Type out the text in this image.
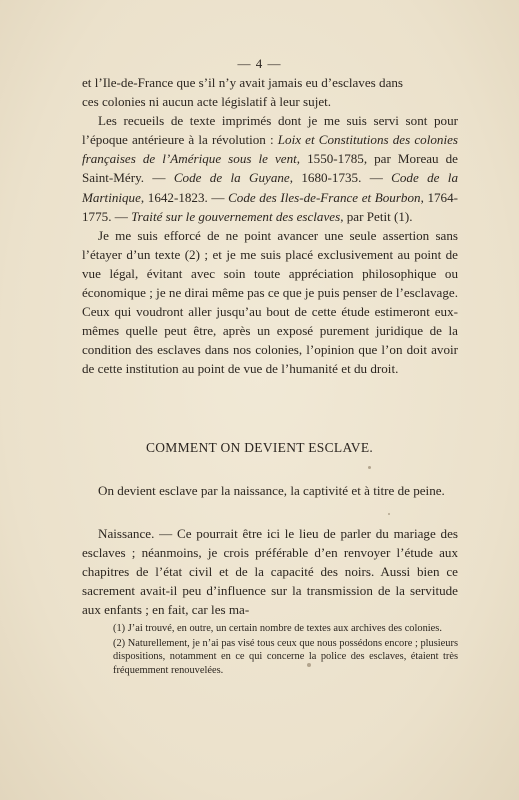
— 4 —

et l’Ile-de-France que s’il n’y avait jamais eu d’esclaves dans
ces colonies ni aucun acte législatif à leur sujet.

Les recueils de texte imprimés dont je me suis servi sont pour l’époque antérieure à la révolution : Loix et Constitutions des colonies françaises de l’Amérique sous le vent, 1550-1785, par Moreau de Saint-Méry. — Code de la Guyane, 1680-1735. — Code de la Martinique, 1642-1823. — Code des Iles-de-France et Bourbon, 1764-1775. — Traité sur le gouvernement des esclaves, par Petit (1).

Je me suis efforcé de ne point avancer une seule assertion sans l’étayer d’un texte (2) ; et je me suis placé exclusivement au point de vue légal, évitant avec soin toute appréciation philosophique ou économique ; je ne dirai même pas ce que je puis penser de l’esclavage. Ceux qui voudront aller jusqu’au bout de cette étude estimeront eux-mêmes quelle peut être, après un exposé purement juridique de la condition des esclaves dans nos colonies, l’opinion que l’on doit avoir de cette institution au point de vue de l’humanité et du droit.

COMMENT ON DEVIENT ESCLAVE.

On devient esclave par la naissance, la captivité et à titre de peine.

Naissance. — Ce pourrait être ici le lieu de parler du mariage des esclaves ; néanmoins, je crois préférable d’en renvoyer l’étude aux chapitres de l’état civil et de la capacité des noirs. Aussi bien ce sacrement avait-il peu d’influence sur la transmission de la servitude aux enfants ; en fait, car les ma-

(1) J’ai trouvé, en outre, un certain nombre de textes aux archives des colonies.

(2) Naturellement, je n’ai pas visé tous ceux que nous possédons encore ; plusieurs dispositions, notamment en ce qui concerne la police des esclaves, étaient très fréquemment renouvelées.
